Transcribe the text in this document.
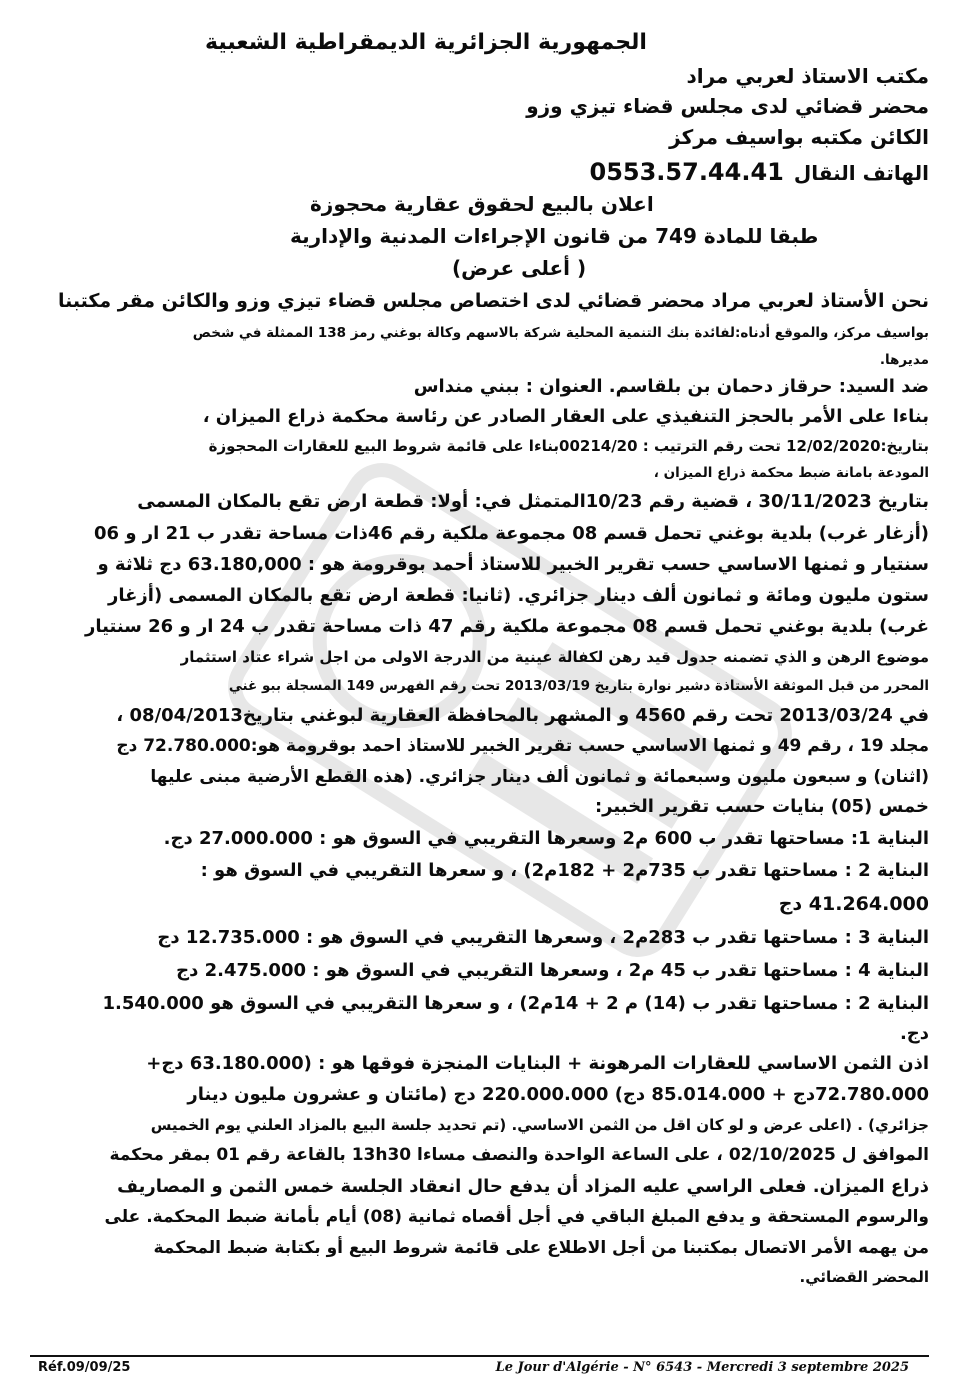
الجمهورية الجزائرية الديمقراطية الشعبية
مكتب الاستاذ لعربي مراد
محضر قضائي لدى مجلس قضاء تيزي وزو
الكائن مكتبه بواسيف مركز
الهاتف النقال
0553.57.44.41
اعلان بالبيع لحقوق عقارية محجوزة
طبقا للمادة 749 من قانون الإجراءات المدنية والإدارية
( أعلى عرض)
نحن الأستاذ لعربي مراد محضر قضائي لدى اختصاص مجلس قضاء تيزي وزو والكائن مقر مكتبنا
بواسيف مركز، والموقع أدناه:لفائدة بنك التنمية المحلية شركة بالاسهم وكالة بوغني رمز 138 الممثلة في شخص
مديرها.
ضد السيد: حرقاز دحمان بن بلقاسم. العنوان : ببني منداس
بناءا على الأمر بالحجز التنفيذي على العقار الصادر عن رئاسة محكمة ذراع الميزان ،
بتاريخ:12/02/2020 تحت رقم الترتيب : 00214/20بناءا على قائمة شروط البيع للعقارات المحجوزة
المودعة بامانة ضبط محكمة ذراع الميزان ،
بتاريخ 30/11/2023 ، قضية رقم 10/23المتمثل في: أولا: قطعة ارض تقع بالمكان المسمى
(أزغار غرب) بلدية بوغني تحمل قسم 08 مجموعة ملكية رقم 46ذات مساحة تقدر ب 21 ار و 06
سنتيار و ثمنها الاساسي حسب تقرير الخبير للاستاذ أحمد بوقرومة هو : 63.180,000 دج ثلاثة و
ستون مليون ومائة و ثمانون ألف دينار جزائري. (ثانيا: قطعة ارض تقع بالمكان المسمى (أزغار
غرب) بلدية بوغني تحمل قسم 08 مجموعة ملكية رقم 47 ذات مساحة تقدر ب 24 ار و 26 سنتيار
موضوع الرهن و الذي تضمنه جدول قيد رهن لكفالة عينية من الدرجة الاولى من اجل شراء عتاد استثمار
المحرر من قبل الموثقة الأستاذة دشير نوارة بتاريخ 2013/03/19 تحت رقم الفهرس 149 المسجلة ببو غني
في 2013/03/24 تحت رقم 4560 و المشهر بالمحافظة العقارية لبوغني بتاريخ08/04/2013 ،
مجلد 19 ، رقم 49 و ثمنها الاساسي حسب تقرير الخبير للاستاذ احمد بوقرومة هو:72.780.000 دج
(اثنان) و سبعون مليون وسبعمائة و ثمانون ألف دينار جزائري. (هذه القطع الأرضية مبنى عليها
خمس (05) بنايات حسب تقرير الخبير:
البناية 1: مساحتها تقدر ب 600 م2 وسعرها التقريبي في السوق هو : 27.000.000 دج.
البناية 2 : مساحتها تقدر ب 735م2 + 182م2) ، و سعرها التقريبي في السوق هو :
41.264.000 دج
البناية 3 : مساحتها تقدر ب 283م2 ، وسعرها التقريبي في السوق هو : 12.735.000 دج
البناية 4 : مساحتها تقدر ب 45 م2 ، وسعرها التقريبي في السوق هو : 2.475.000 دج
البناية 2 : مساحتها تقدر ب (14) م 2 + 14م2) ، و سعرها التقريبي في السوق هو 1.540.000
دج.
اذن الثمن الاساسي للعقارات المرهونة + البنايات المنجزة فوقها هو : (63.180.000 دج+
72.780.000دج + 85.014.000 دج) 220.000.000 دج (مائتان و عشرون مليون دينار
جزائري) . (اعلى عرض و لو كان اقل من الثمن الاساسي. (تم تحديد جلسة البيع بالمزاد العلني يوم الخميس
الموافق ل 02/10/2025 ، على الساعة الواحدة والنصف مساءا 13h30 بالقاعة رقم 01 بمقر محكمة
ذراع الميزان. فعلى الراسي عليه المزاد أن يدفع حال انعقاد الجلسة خمس الثمن و المصاريف
والرسوم المستحقة و يدفع المبلغ الباقي في أجل أقصاه ثمانية (08) أيام بأمانة ضبط المحكمة. على
من يهمه الأمر الاتصال بمكتبنا من أجل الاطلاع على قائمة شروط البيع أو بكتابة ضبط المحكمة
المحضر القضائي.
Réf.09/09/25	Le Jour d'Algérie - N° 6543 - Mercredi 3 septembre 2025
